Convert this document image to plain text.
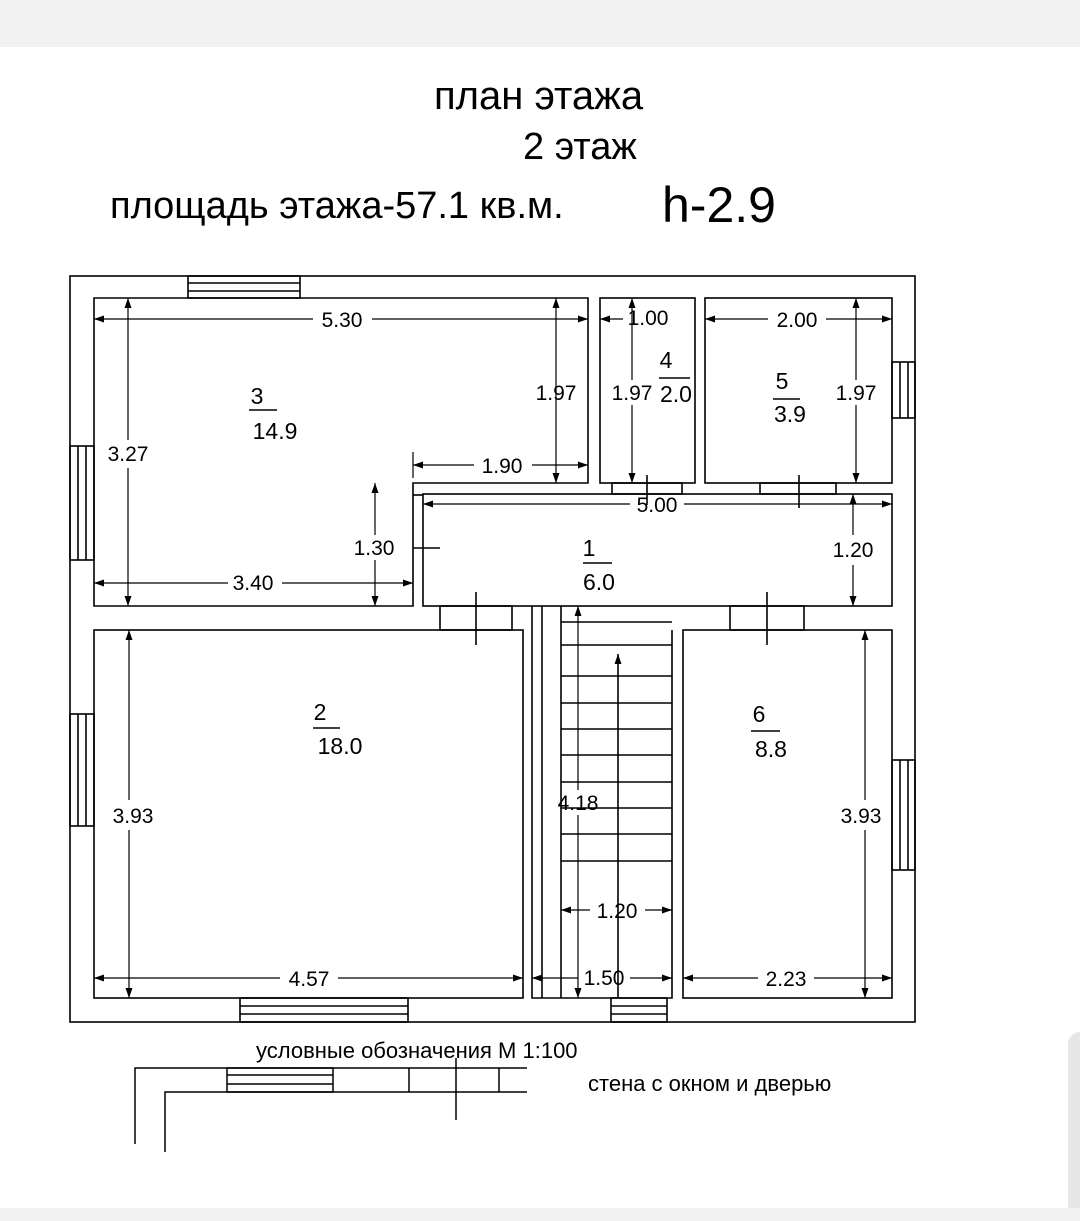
план этажа
2 этаж
площадь этажа-57.1 кв.м. h-2.9
5.30
3.27
1.97
1.90
1.30
3.40
1.00
1.97
2.00
1.97
5.00
1.20
3.93
4.57
4.18
1.20
1.50
3.93
2.23
3
14.9
4
2.0	5
3.9
1
6.0
2
18.0
6
8.8
условные обозначения М 1:100
стена с окном и дверью
